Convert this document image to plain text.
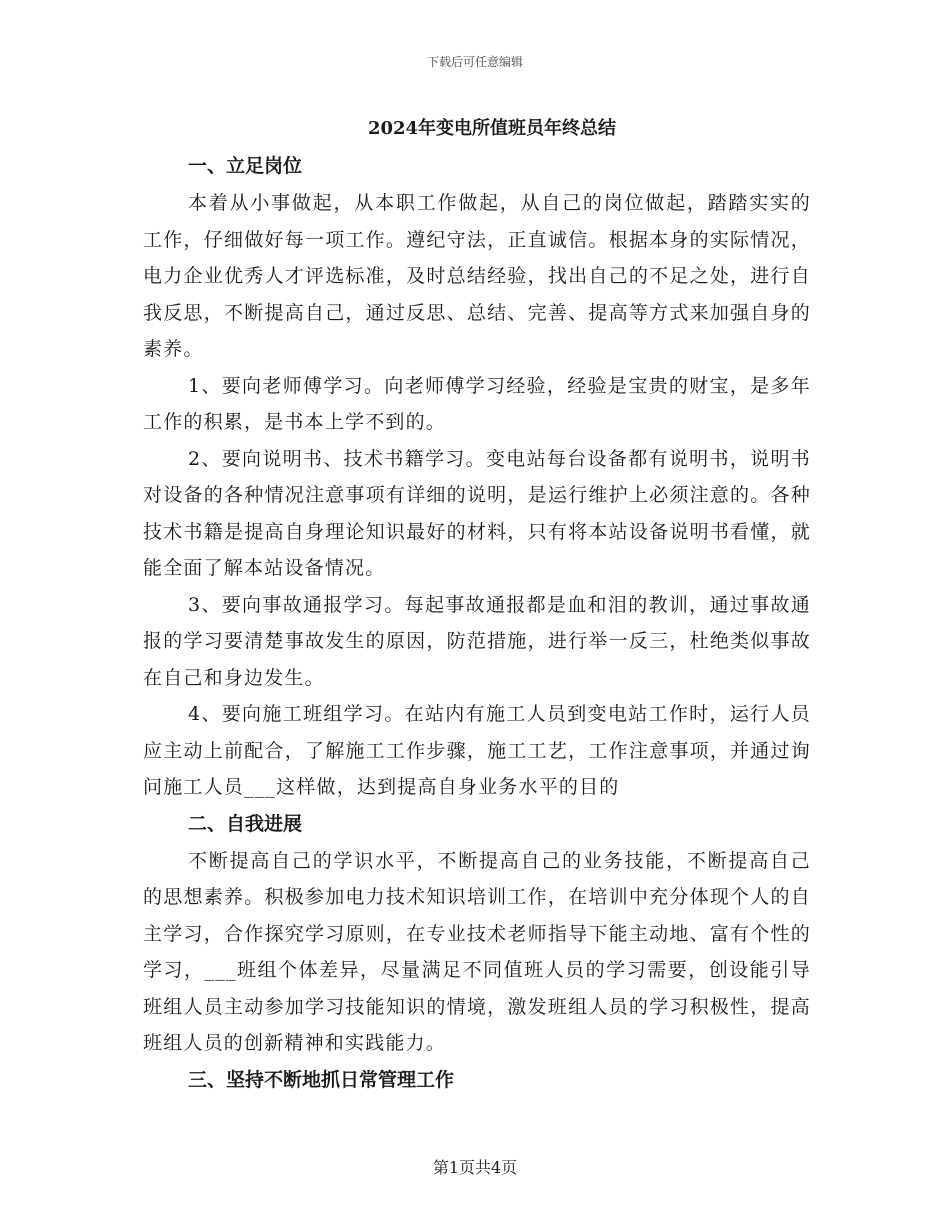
下载后可任意编辑
2024年变电所值班员年终总结
一、立足岗位

本着从小事做起，从本职工作做起，从自己的岗位做起，踏踏实实的工作，仔细做好每一项工作。遵纪守法，正直诚信。根据本身的实际情况，电力企业优秀人才评选标准，及时总结经验，找出自己的不足之处，进行自我反思，不断提高自己，通过反思、总结、完善、提高等方式来加强自身的素养。

1、要向老师傅学习。向老师傅学习经验，经验是宝贵的财宝，是多年工作的积累，是书本上学不到的。

2、要向说明书、技术书籍学习。变电站每台设备都有说明书，说明书对设备的各种情况注意事项有详细的说明，是运行维护上必须注意的。各种技术书籍是提高自身理论知识最好的材料，只有将本站设备说明书看懂，就能全面了解本站设备情况。

3、要向事故通报学习。每起事故通报都是血和泪的教训，通过事故通报的学习要清楚事故发生的原因，防范措施，进行举一反三，杜绝类似事故在自己和身边发生。

4、要向施工班组学习。在站内有施工人员到变电站工作时，运行人员应主动上前配合，了解施工工作步骤，施工工艺，工作注意事项，并通过询问施工人员___这样做，达到提高自身业务水平的目的

二、自我进展

不断提高自己的学识水平，不断提高自己的业务技能，不断提高自己的思想素养。积极参加电力技术知识培训工作，在培训中充分体现个人的自主学习，合作探究学习原则，在专业技术老师指导下能主动地、富有个性的学习，___班组个体差异，尽量满足不同值班人员的学习需要，创设能引导班组人员主动参加学习技能知识的情境，激发班组人员的学习积极性，提高班组人员的创新精神和实践能力。

三、坚持不断地抓日常管理工作
第1页共4页
